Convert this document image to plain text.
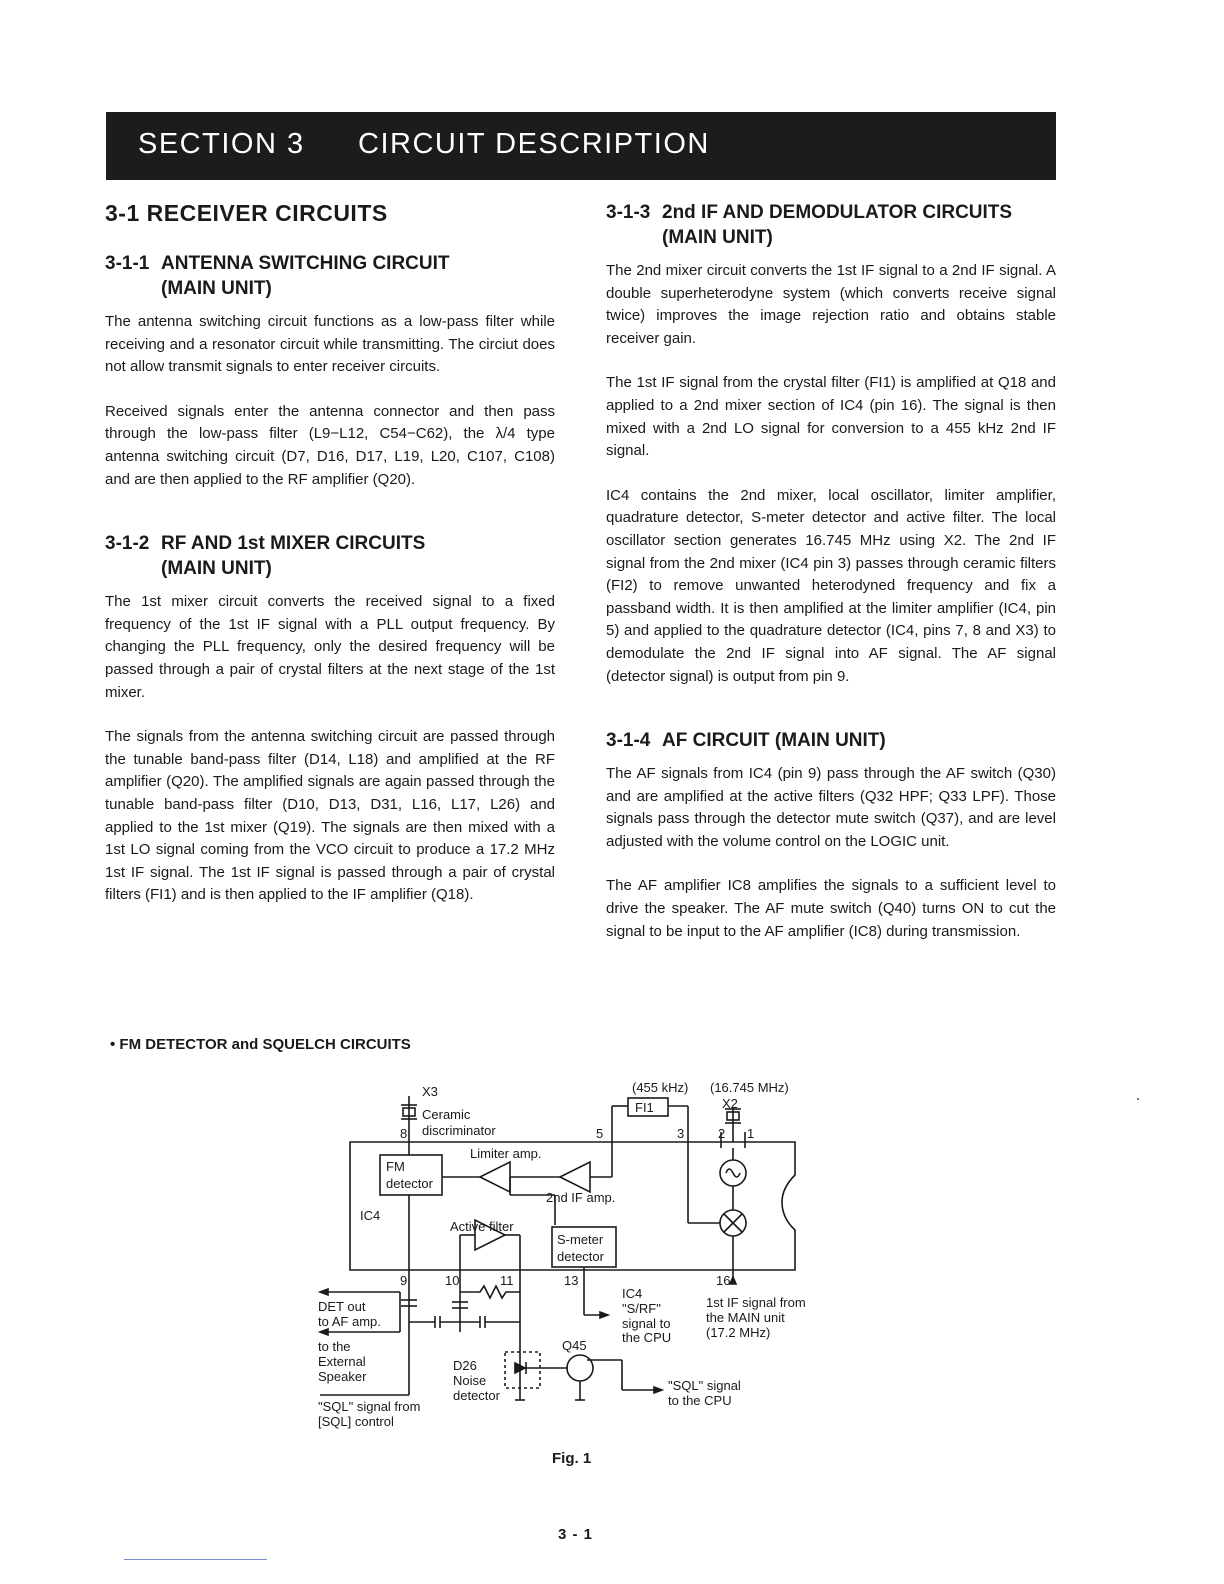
SECTION 3 CIRCUIT DESCRIPTION
3-1 RECEIVER CIRCUITS
3-1-1 ANTENNA SWITCHING CIRCUIT
(MAIN UNIT)

The antenna switching circuit functions as a low-pass filter while receiving and a resonator circuit while transmitting. The circiut does not allow transmit signals to enter receiver circuits.

Received signals enter the antenna connector and then pass through the low-pass filter (L9−L12, C54−C62), the λ/4 type antenna switching circuit (D7, D16, D17, L19, L20, C107, C108) and are then applied to the RF amplifier (Q20).

3-1-2 RF AND 1st MIXER CIRCUITS
(MAIN UNIT)

The 1st mixer circuit converts the received signal to a fixed frequency of the 1st IF signal with a PLL output frequency. By changing the PLL frequency, only the desired frequency will be passed through a pair of crystal filters at the next stage of the 1st mixer.

The signals from the antenna switching circuit are passed through the tunable band-pass filter (D14, L18) and amplified at the RF amplifier (Q20). The amplified signals are again passed through the tunable band-pass filter (D10, D13, D31, L16, L17, L26) and applied to the 1st mixer (Q19). The signals are then mixed with a 1st LO signal coming from the VCO circuit to produce a 17.2 MHz 1st IF signal. The 1st IF signal is passed through a pair of crystal filters (FI1) and is then applied to the IF amplifier (Q18).

3-1-3 2nd IF AND DEMODULATOR CIRCUITS
(MAIN UNIT)

The 2nd mixer circuit converts the 1st IF signal to a 2nd IF signal. A double superheterodyne system (which converts receive signal twice) improves the image rejection ratio and obtains stable receiver gain.

The 1st IF signal from the crystal filter (FI1) is amplified at Q18 and applied to a 2nd mixer section of IC4 (pin 16). The signal is then mixed with a 2nd LO signal for conversion to a 455 kHz 2nd IF signal.

IC4 contains the 2nd mixer, local oscillator, limiter amplifier, quadrature detector, S-meter detector and active filter. The local oscillator section generates 16.745 MHz using X2. The 2nd IF signal from the 2nd mixer (IC4 pin 3) passes through ceramic filters (FI2) to remove unwanted heterodyned frequency and fix a passband width. It is then amplified at the limiter amplifier (IC4, pin 5) and applied to the quadrature detector (IC4, pins 7, 8 and X3) to demodulate the 2nd IF signal into AF signal. The AF signal (detector signal) is output from pin 9.

3-1-4 AF CIRCUIT (MAIN UNIT)

The AF signals from IC4 (pin 9) pass through the AF switch (Q30) and are amplified at the active filters (Q32 HPF; Q33 LPF). Those signals pass through the detector mute switch (Q37), and are level adjusted with the volume control on the LOGIC unit.

The AF amplifier IC8 amplifies the signals to a sufficient level to drive the speaker. The AF mute switch (Q40) turns ON to cut the signal to be input to the AF amplifier (IC8) during transmission.

• FM DETECTOR and SQUELCH CIRCUITS
X3
Ceramic
discriminator
(455 kHz) (16.745 MHz)
FI1	X2
8	5	3	2 1
Limiter amp.
FM
detector
2nd IF amp.
IC4
Active filter
S-meter
detector
9	10	11	13	16
IC4
"S/RF"
signal to
the CPU
1st IF signal from
the MAIN unit
(17.2 MHz)
DET out
to AF amp.
to the
External
Speaker
D26
Noise
detector
Q45
"SQL" signal
to the CPU
"SQL" signal from
[SQL] control
Fig. 1
3 - 1
